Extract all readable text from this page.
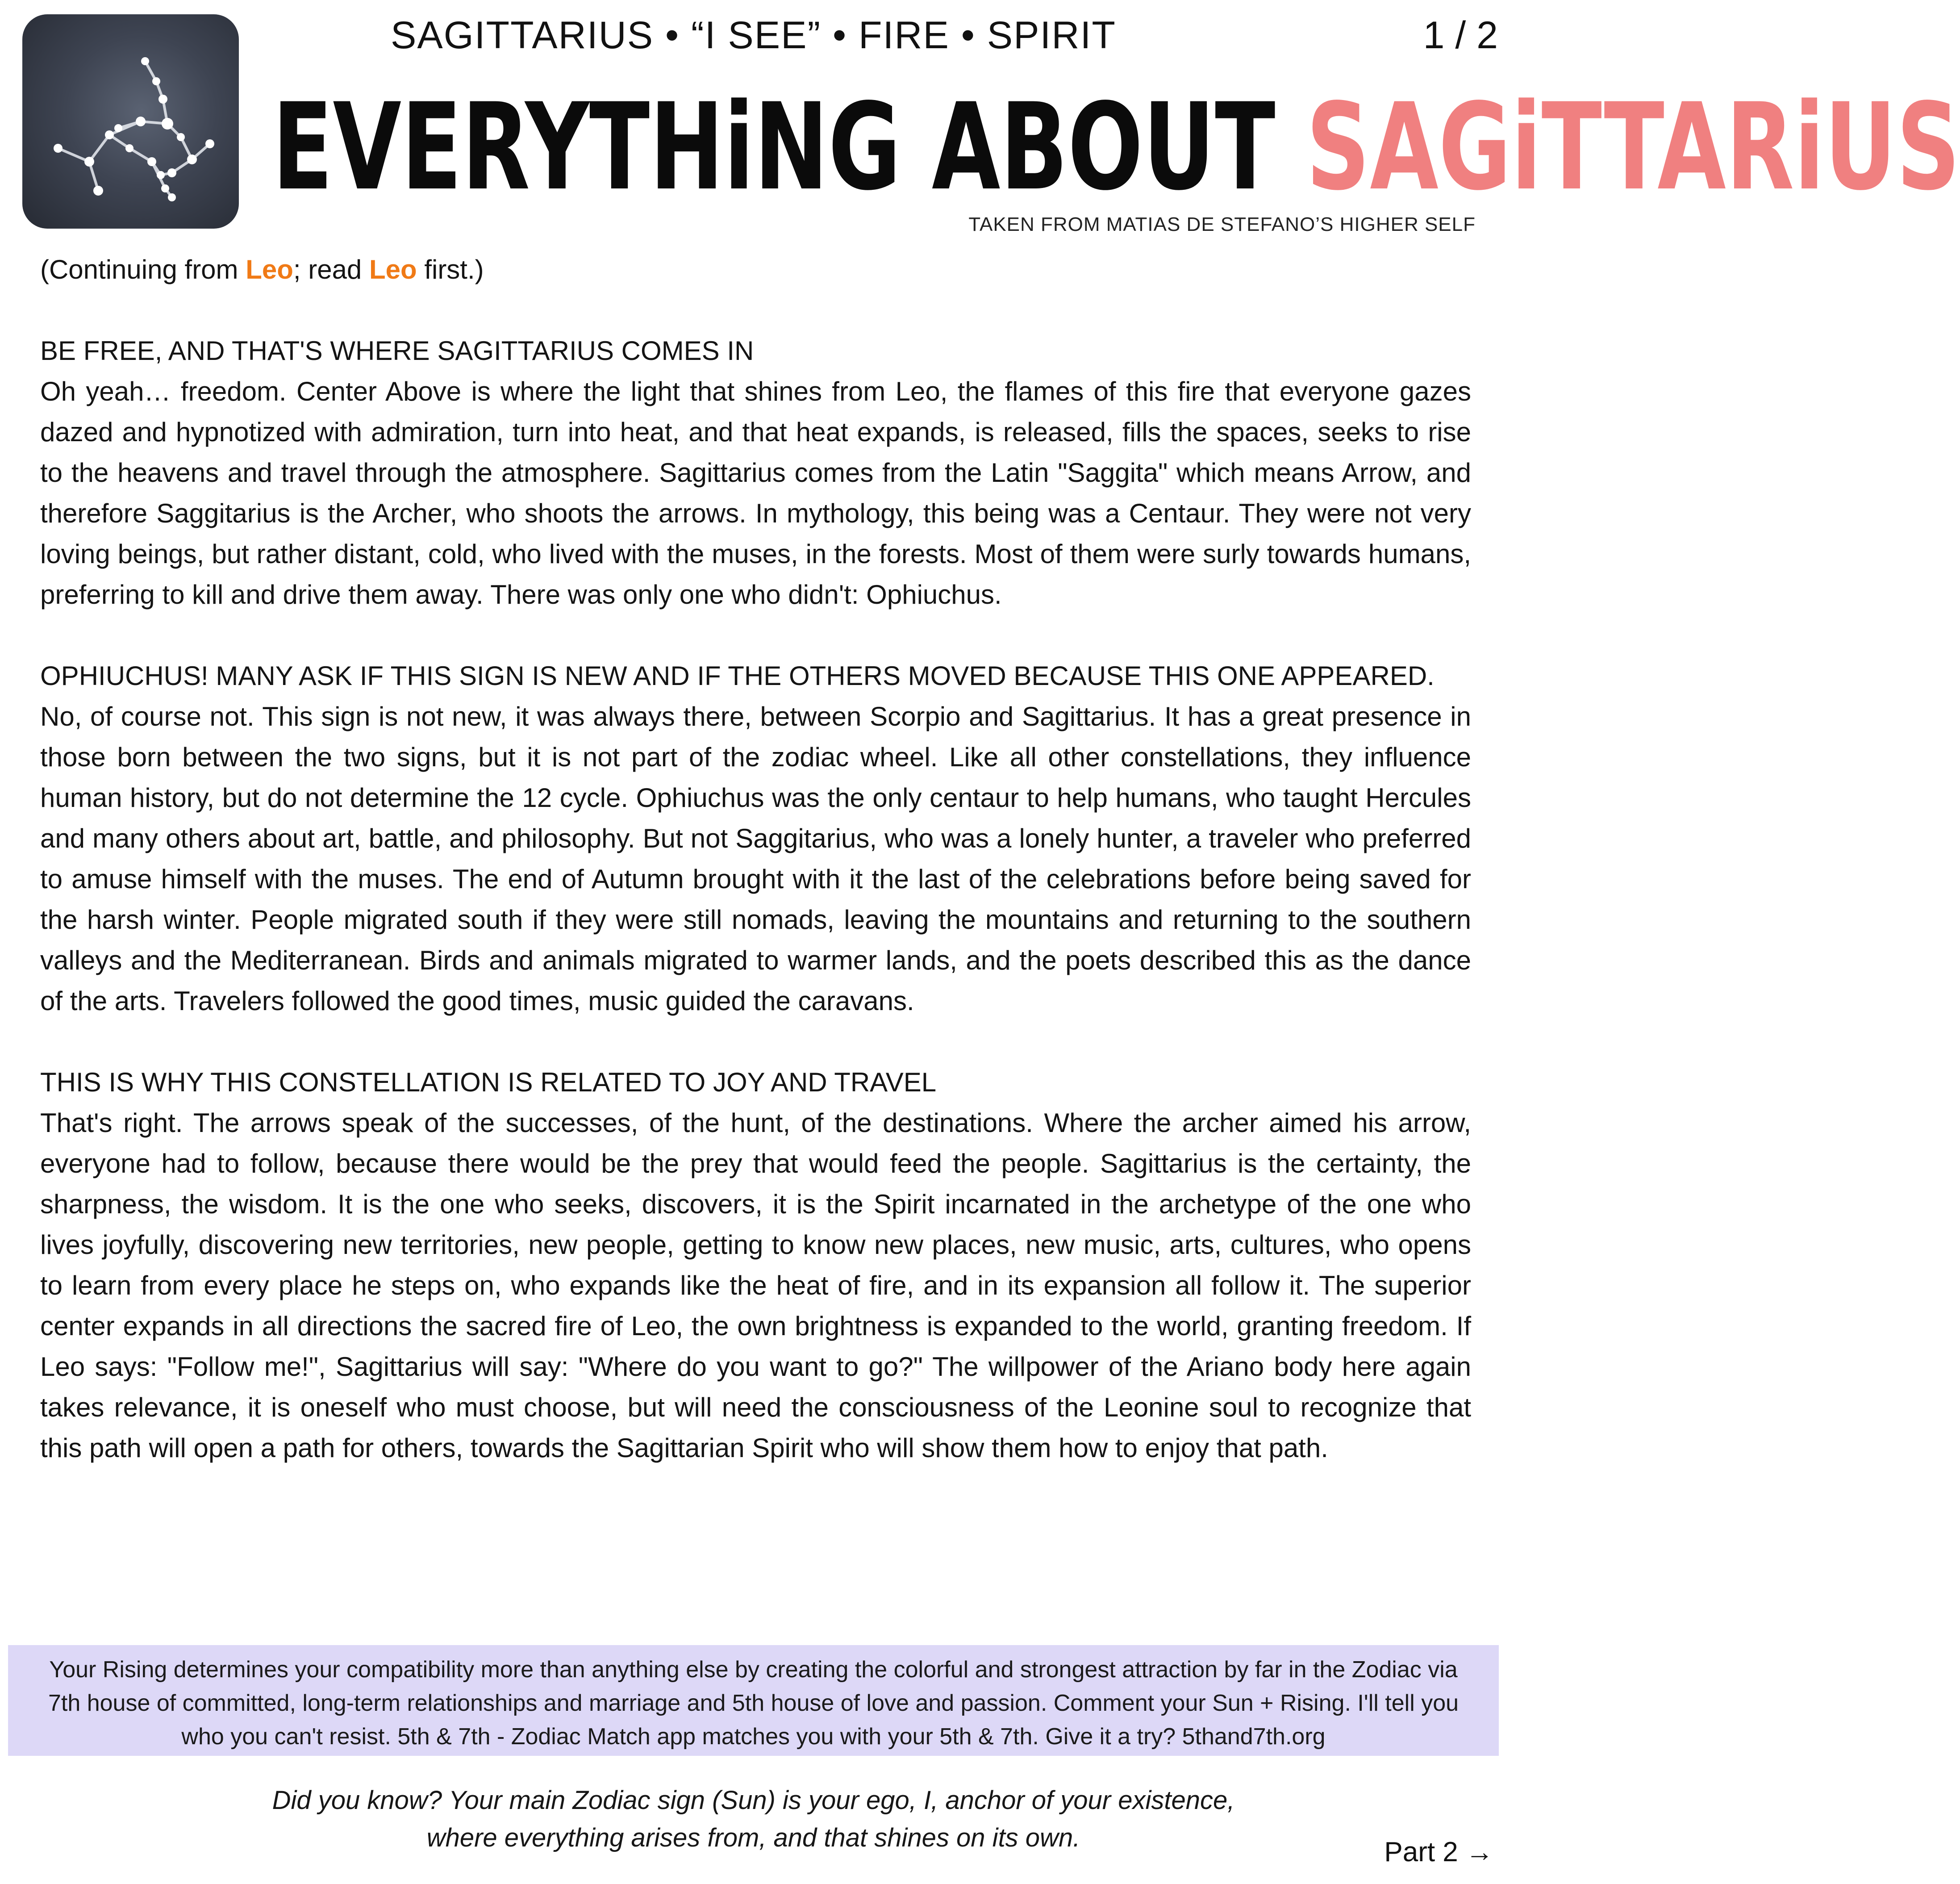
SAGITTARIUS • “I SEE” • FIRE • SPIRIT	1 / 2
EVERYTHiNG ABOUT SAGiTTARiUS
TAKEN FROM MATIAS DE STEFANO’S HIGHER SELF

(Continuing from Leo; read Leo first.)

BE FREE, AND THAT'S WHERE SAGITTARIUS COMES IN

Oh yeah… freedom. Center Above is where the light that shines from Leo, the flames of this fire that everyone gazes dazed and hypnotized with admiration, turn into heat, and that heat expands, is released, fills the spaces, seeks to rise to the heavens and travel through the atmosphere. Sagittarius comes from the Latin "Saggita" which means Arrow, and therefore Saggitarius is the Archer, who shoots the arrows. In mythology, this being was a Centaur. They were not very loving beings, but rather distant, cold, who lived with the muses, in the forests. Most of them were surly towards humans, preferring to kill and drive them away. There was only one who didn't: Ophiuchus.

OPHIUCHUS! MANY ASK IF THIS SIGN IS NEW AND IF THE OTHERS MOVED BECAUSE THIS ONE APPEARED.

No, of course not. This sign is not new, it was always there, between Scorpio and Sagittarius. It has a great presence in those born between the two signs, but it is not part of the zodiac wheel. Like all other constellations, they influence human history, but do not determine the 12 cycle. Ophiuchus was the only centaur to help humans, who taught Hercules and many others about art, battle, and philosophy. But not Saggitarius, who was a lonely hunter, a traveler who preferred to amuse himself with the muses. The end of Autumn brought with it the last of the celebrations before being saved for the harsh winter. People migrated south if they were still nomads, leaving the mountains and returning to the southern valleys and the Mediterranean. Birds and animals migrated to warmer lands, and the poets described this as the dance of the arts. Travelers followed the good times, music guided the caravans.

THIS IS WHY THIS CONSTELLATION IS RELATED TO JOY AND TRAVEL

That's right. The arrows speak of the successes, of the hunt, of the destinations. Where the archer aimed his arrow, everyone had to follow, because there would be the prey that would feed the people. Sagittarius is the certainty, the sharpness, the wisdom. It is the one who seeks, discovers, it is the Spirit incarnated in the archetype of the one who lives joyfully, discovering new territories, new people, getting to know new places, new music, arts, cultures, who opens to learn from every place he steps on, who expands like the heat of fire, and in its expansion all follow it. The superior center expands in all directions the sacred fire of Leo, the own brightness is expanded to the world, granting freedom. If Leo says: "Follow me!", Sagittarius will say: "Where do you want to go?" The willpower of the Ariano body here again takes relevance, it is oneself who must choose, but will need the consciousness of the Leonine soul to recognize that this path will open a path for others, towards the Sagittarian Spirit who will show them how to enjoy that path.

Your Rising determines your compatibility more than anything else by creating the colorful and strongest attraction by far in the Zodiac via 7th house of committed, long-term relationships and marriage and 5th house of love and passion. Comment your Sun + Rising. I'll tell you who you can't resist. 5th & 7th - Zodiac Match app matches you with your 5th & 7th. Give it a try? 5thand7th.org
Did you know? Your main Zodiac sign (Sun) is your ego, I, anchor of your existence,
where everything arises from, and that shines on its own.	Part 2 →
